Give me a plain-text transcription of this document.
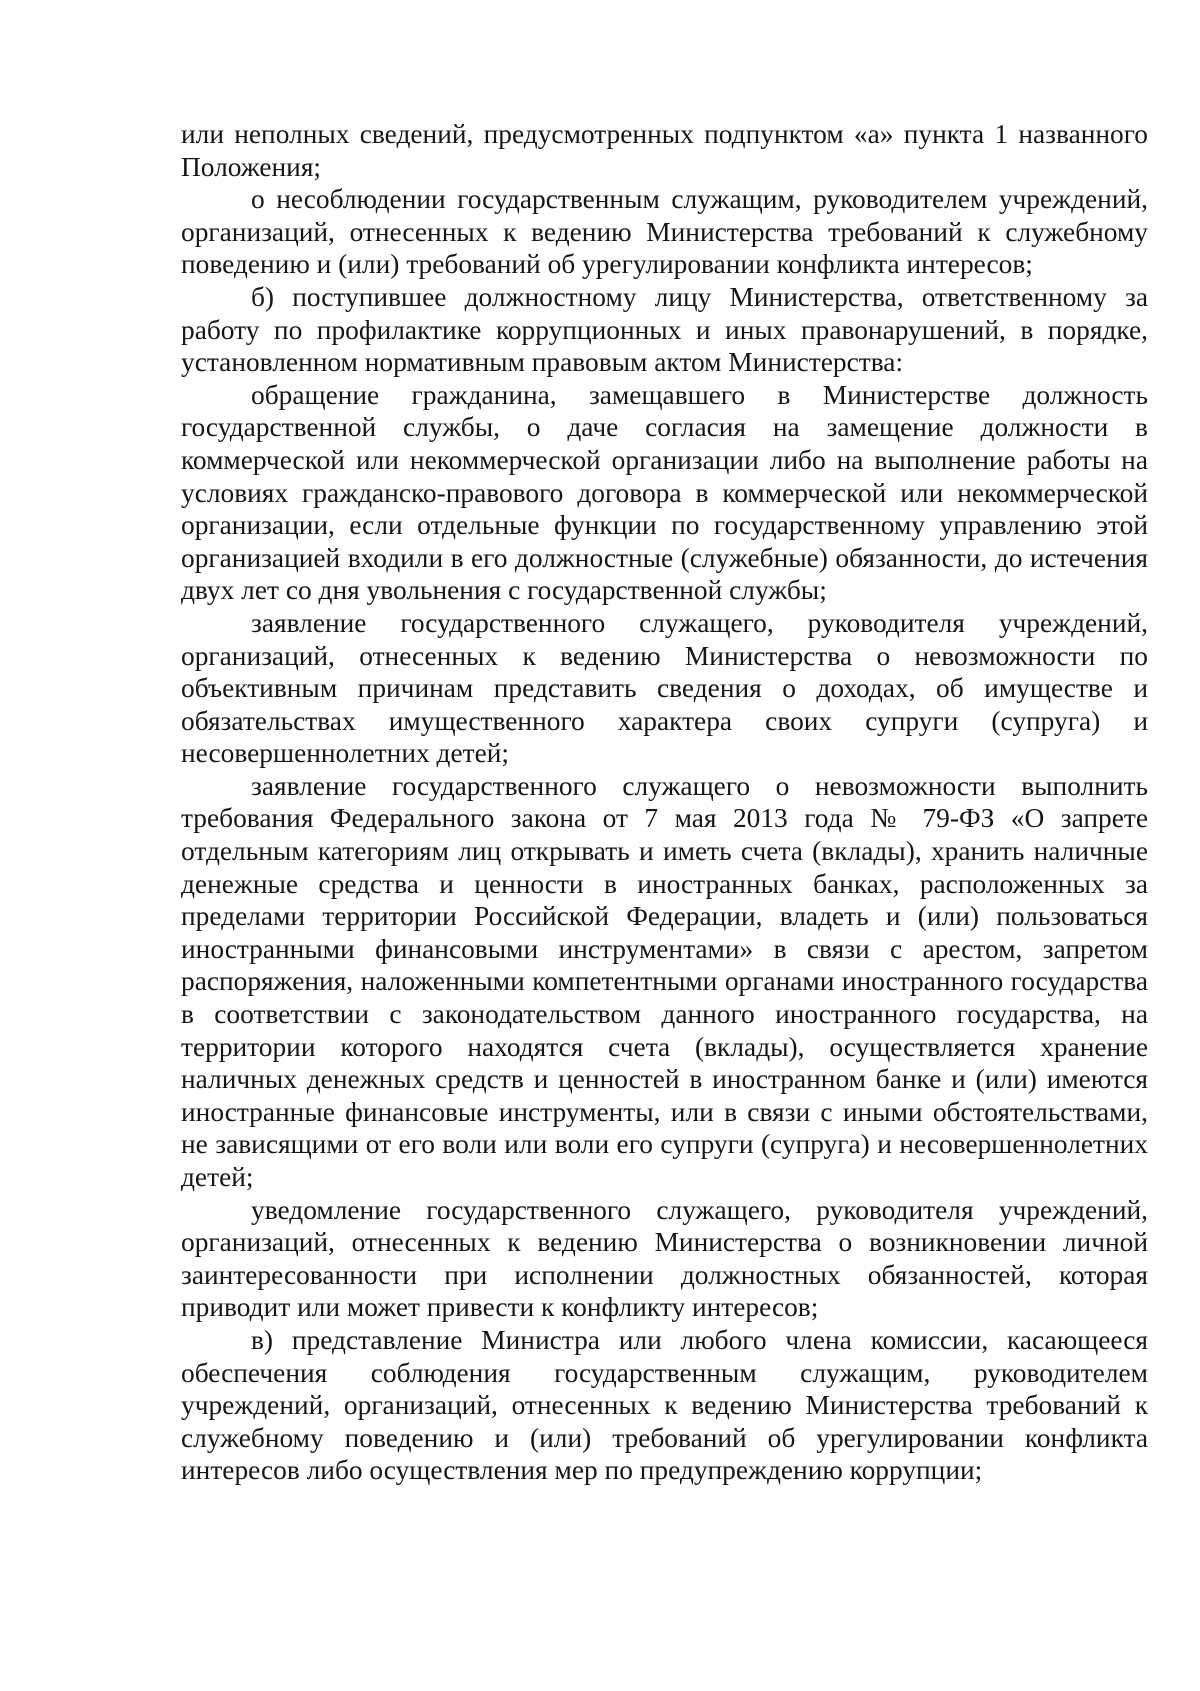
или неполных сведений, предусмотренных подпунктом «а» пункта 1 названного Положения;

о несоблюдении государственным служащим, руководителем учреждений, организаций, отнесенных к ведению Министерства требований к служебному поведению и (или) требований об урегулировании конфликта интересов;

б) поступившее должностному лицу Министерства, ответственному за работу по профилактике коррупционных и иных правонарушений, в порядке, установленном нормативным правовым актом Министерства:

обращение гражданина, замещавшего в Министерстве должность государственной службы, о даче согласия на замещение должности в коммерческой или некоммерческой организации либо на выполнение работы на условиях гражданско-правового договора в коммерческой или некоммерческой организации, если отдельные функции по государственному управлению этой организацией входили в его должностные (служебные) обязанности, до истечения двух лет со дня увольнения с государственной службы;

заявление государственного служащего, руководителя учреждений, организаций, отнесенных к ведению Министерства о невозможности по объективным причинам представить сведения о доходах, об имуществе и обязательствах имущественного характера своих супруги (супруга) и несовершеннолетних детей;

заявление государственного служащего о невозможности выполнить требования Федерального закона от 7 мая 2013 года № 79-ФЗ «О запрете отдельным категориям лиц открывать и иметь счета (вклады), хранить наличные денежные средства и ценности в иностранных банках, расположенных за пределами территории Российской Федерации, владеть и (или) пользоваться иностранными финансовыми инструментами» в связи с арестом, запретом распоряжения, наложенными компетентными органами иностранного государства в соответствии с законодательством данного иностранного государства, на территории которого находятся счета (вклады), осуществляется хранение наличных денежных средств и ценностей в иностранном банке и (или) имеются иностранные финансовые инструменты, или в связи с иными обстоятельствами, не зависящими от его воли или воли его супруги (супруга) и несовершеннолетних детей;

уведомление государственного служащего, руководителя учреждений, организаций, отнесенных к ведению Министерства о возникновении личной заинтересованности при исполнении должностных обязанностей, которая приводит или может привести к конфликту интересов;

в) представление Министра или любого члена комиссии, касающееся обеспечения соблюдения государственным служащим, руководителем учреждений, организаций, отнесенных к ведению Министерства требований к служебному поведению и (или) требований об урегулировании конфликта интересов либо осуществления мер по предупреждению коррупции;
